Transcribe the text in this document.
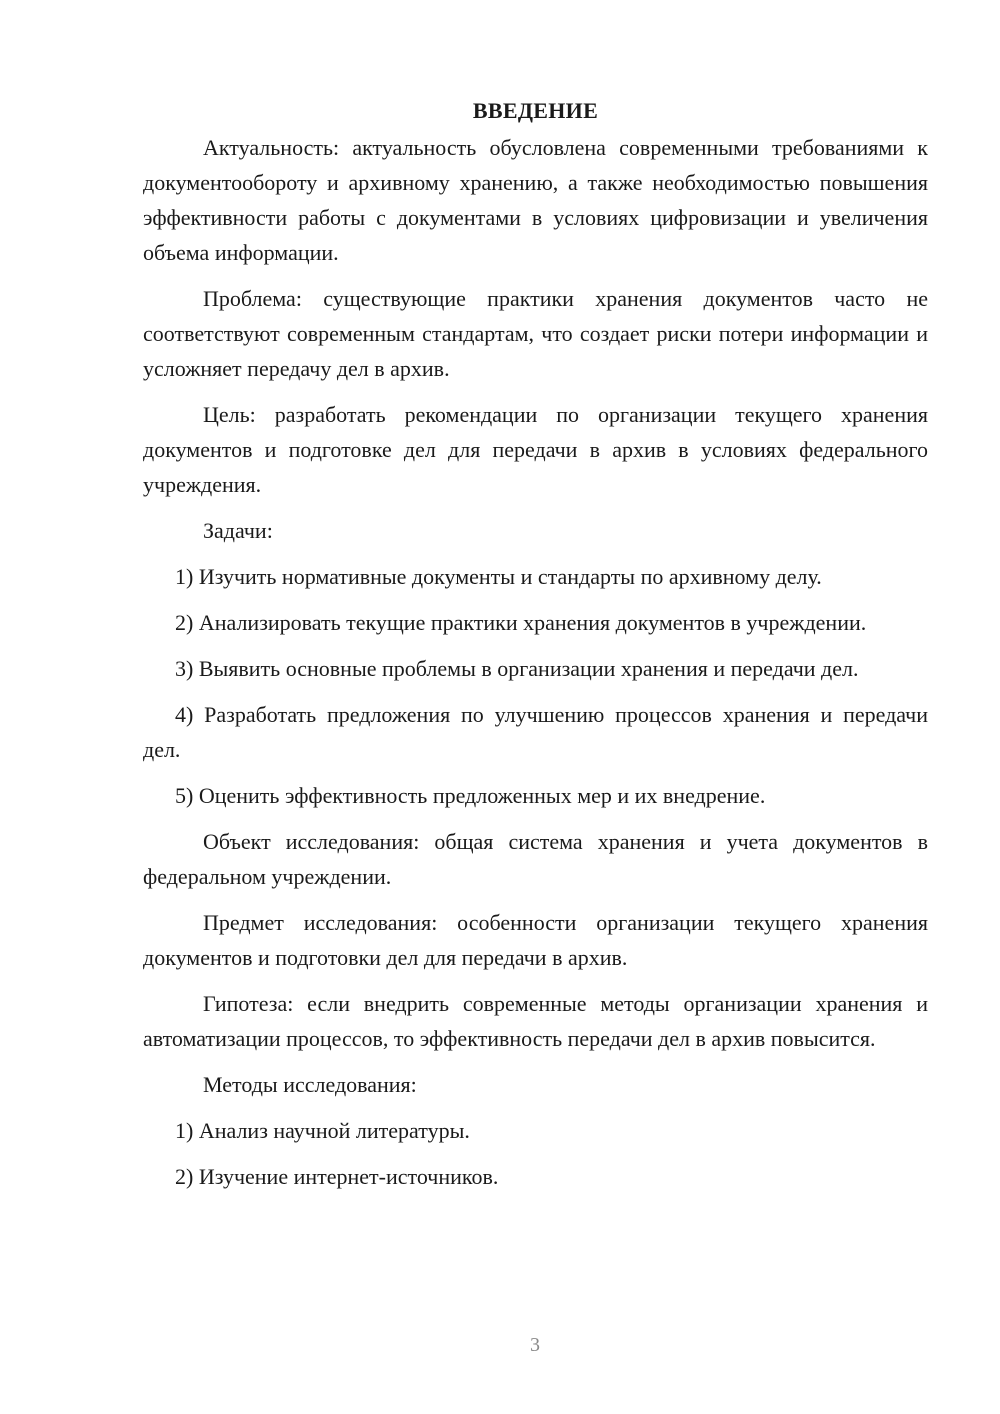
ВВЕДЕНИЕ

Актуальность: актуальность обусловлена современными требованиями к документообороту и архивному хранению, а также необходимостью повышения эффективности работы с документами в условиях цифровизации и увеличения объема информации.

Проблема: существующие практики хранения документов часто не соответствуют современным стандартам, что создает риски потери информации и усложняет передачу дел в архив.

Цель: разработать рекомендации по организации текущего хранения документов и подготовке дел для передачи в архив в условиях федерального учреждения.

Задачи:

1) Изучить нормативные документы и стандарты по архивному делу.

2) Анализировать текущие практики хранения документов в учреждении.

3) Выявить основные проблемы в организации хранения и передачи дел.

4) Разработать предложения по улучшению процессов хранения и передачи дел.

5) Оценить эффективность предложенных мер и их внедрение.

Объект исследования: общая система хранения и учета документов в федеральном учреждении.

Предмет исследования: особенности организации текущего хранения документов и подготовки дел для передачи в архив.

Гипотеза: если внедрить современные методы организации хранения и автоматизации процессов, то эффективность передачи дел в архив повысится.

Методы исследования:

1) Анализ научной литературы.

2) Изучение интернет-источников.

3
